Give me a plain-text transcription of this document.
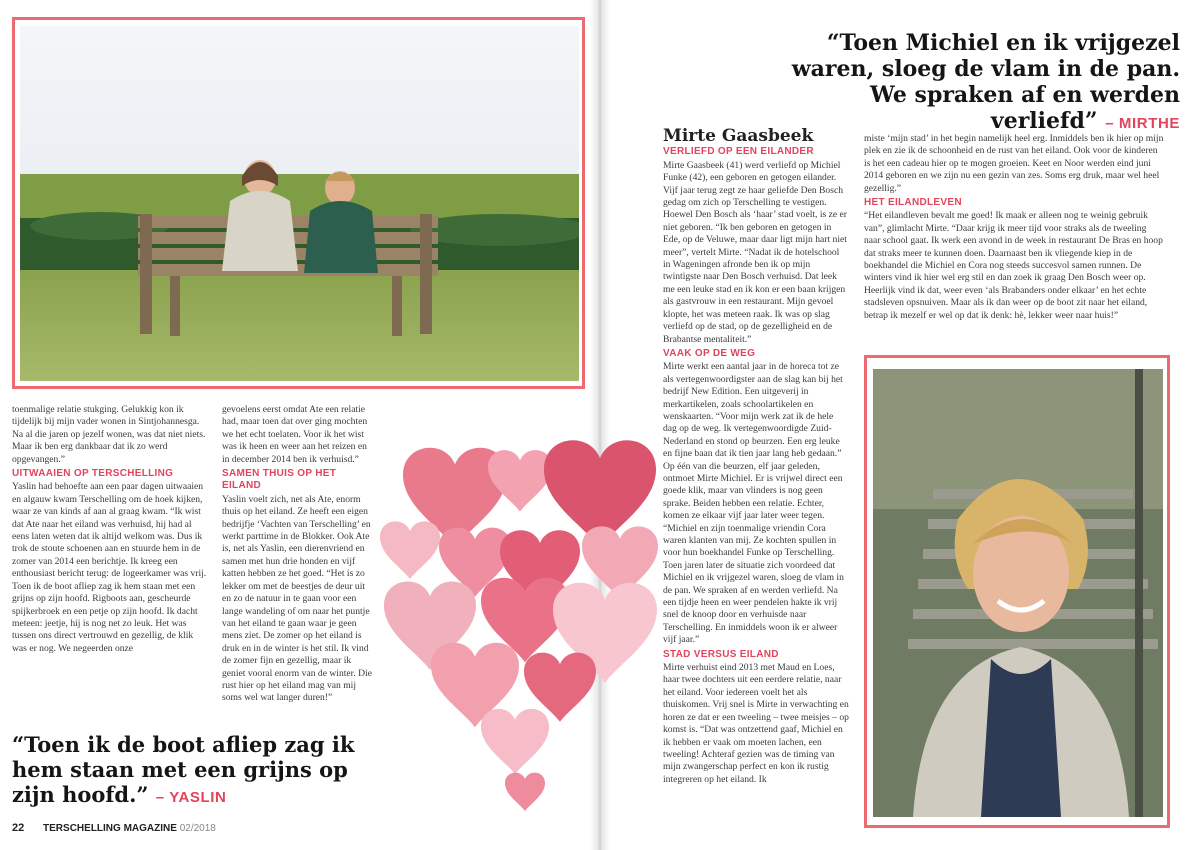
toenmalige relatie stukging. Gelukkig kon ik tijdelijk bij mijn vader wonen in Sintjohannesga. Na al die jaren op jezelf wonen, was dat niet niets. Maar ik ben erg dankbaar dat ik zo werd opgevangen.”

UITWAAIEN OP TERSCHELLING

Yaslin had behoefte aan een paar dagen uitwaaien en algauw kwam Terschelling om de hoek kijken, waar ze van kinds af aan al graag kwam. “Ik wist dat Ate naar het eiland was verhuisd, hij had al eens laten weten dat ik altijd welkom was. Dus ik trok de stoute schoenen aan en stuurde hem in de zomer van 2014 een berichtje. Ik kreeg een enthousiast bericht terug: de logeerkamer was vrij. Toen ik de boot afliep zag ik hem staan met een grijns op zijn hoofd. Rigboots aan, gescheurde spijkerbroek en een petje op zijn hoofd. Ik dacht meteen: jeetje, hij is nog net zo leuk. Het was tussen ons direct vertrouwd en gezellig, de klik was er nog. We negeerden onze

gevoelens eerst omdat Ate een relatie had, maar toen dat over ging mochten we het echt toelaten. Voor ik het wist was ik heen en weer aan het reizen en in december 2014 ben ik verhuisd.”

SAMEN THUIS OP HET EILAND

Yaslin voelt zich, net als Ate, enorm thuis op het eiland. Ze heeft een eigen bedrijfje ‘Vachten van Terschelling’ en werkt parttime in de Blokker. Ook Ate is, net als Yaslin, een dierenvriend en samen met hun drie honden en vijf katten hebben ze het goed. “Het is zo lekker om met de beestjes de deur uit en zo de natuur in te gaan voor een lange wandeling of om naar het puntje van het eiland te gaan waar je geen mens ziet. De zomer op het eiland is druk en in de winter is het stil. Ik vind de zomer fijn en gezellig, maar ik geniet vooral enorm van de winter. Die rust hier op het eiland mag van mij soms wel wat langer duren!”

“Toen ik de boot afliep zag ik hem staan met een grijns op zijn hoofd.” – YASLIN
22 TERSCHELLING MAGAZINE 02/2018
“Toen Michiel en ik vrijgezel waren, sloeg de vlam in de pan. We spraken af en werden verliefd” – MIRTHE
Mirte Gaasbeek
VERLIEFD OP EEN EILANDER

Mirte Gaasbeek (41) werd verliefd op Michiel Funke (42), een geboren en getogen eilander. Vijf jaar terug zegt ze haar geliefde Den Bosch gedag om zich op Terschelling te vestigen. Hoewel Den Bosch als ‘haar’ stad voelt, is ze er niet geboren. “Ik ben geboren en getogen in Ede, op de Veluwe, maar daar ligt mijn hart niet meer”, vertelt Mirte. “Nadat ik de hotelschool in Wageningen afronde ben ik op mijn twintigste naar Den Bosch verhuisd. Dat leek me een leuke stad en ik kon er een baan krijgen als gastvrouw in een restaurant. Mijn gevoel klopte, het was meteen raak. Ik was op slag verliefd op de stad, op de gezelligheid en de Brabantse mentaliteit.”

VAAK OP DE WEG

Mirte werkt een aantal jaar in de horeca tot ze als vertegenwoordigster aan de slag kan bij het bedrijf New Edition. Een uitgeverij in merkartikelen, zoals schoolartikelen en wenskaarten. “Voor mijn werk zat ik de hele dag op de weg. Ik vertegenwoordigde Zuid-Nederland en stond op beurzen. Een erg leuke en fijne baan dat ik tien jaar lang heb gedaan.” Op één van die beurzen, elf jaar geleden, ontmoet Mirte Michiel. Er is vrijwel direct een goede klik, maar van vlinders is nog geen sprake. Beiden hebben een relatie. Echter, komen ze elkaar vijf jaar later weer tegen. “Michiel en zijn toenmalige vriendin Cora waren klanten van mij. Ze kochten spullen in voor hun boekhandel Funke op Terschelling. Toen jaren later de situatie zich voordeed dat Michiel en ik vrijgezel waren, sloeg de vlam in de pan. We spraken af en werden verliefd. Na een tijdje heen en weer pendelen hakte ik vrij snel de knoop door en verhuisde naar Terschelling. En inmiddels woon ik er alweer vijf jaar.”

STAD VERSUS EILAND

Mirte verhuist eind 2013 met Maud en Loes, haar twee dochters uit een eerdere relatie, naar het eiland. Voor iedereen voelt het als thuiskomen. Vrij snel is Mirte in verwachting en horen ze dat er een tweeling – twee meisjes – op komst is. “Dat was ontzettend gaaf, Michiel en ik hebben er vaak om moeten lachen, een tweeling! Achteraf gezien was de timing van mijn zwangerschap perfect en kon ik rustig integreren op het eiland. Ik

miste ‘mijn stad’ in het begin namelijk heel erg. Inmiddels ben ik hier op mijn plek en zie ik de schoonheid en de rust van het eiland. Ook voor de kinderen is het een cadeau hier op te mogen groeien. Keet en Noor werden eind juni 2014 geboren en we zijn nu een gezin van zes. Soms erg druk, maar wel heel gezellig.”

HET EILANDLEVEN

“Het eilandleven bevalt me goed! Ik maak er alleen nog te weinig gebruik van”, glimlacht Mirte. “Daar krijg ik meer tijd voor straks als de tweeling naar school gaat. Ik werk een avond in de week in restaurant De Bras en hoop dat straks meer te kunnen doen. Daarnaast ben ik vliegende kiep in de boekhandel die Michiel en Cora nog steeds succesvol samen runnen. De winters vind ik hier wel erg stil en dan zoek ik graag Den Bosch weer op. Heerlijk vind ik dat, weer even ‘als Brabanders onder elkaar’ en het echte stadsleven opsnuiven. Maar als ik dan weer op de boot zit naar het eiland, betrap ik mezelf er wel op dat ik denk: hè, lekker weer naar huis!”
